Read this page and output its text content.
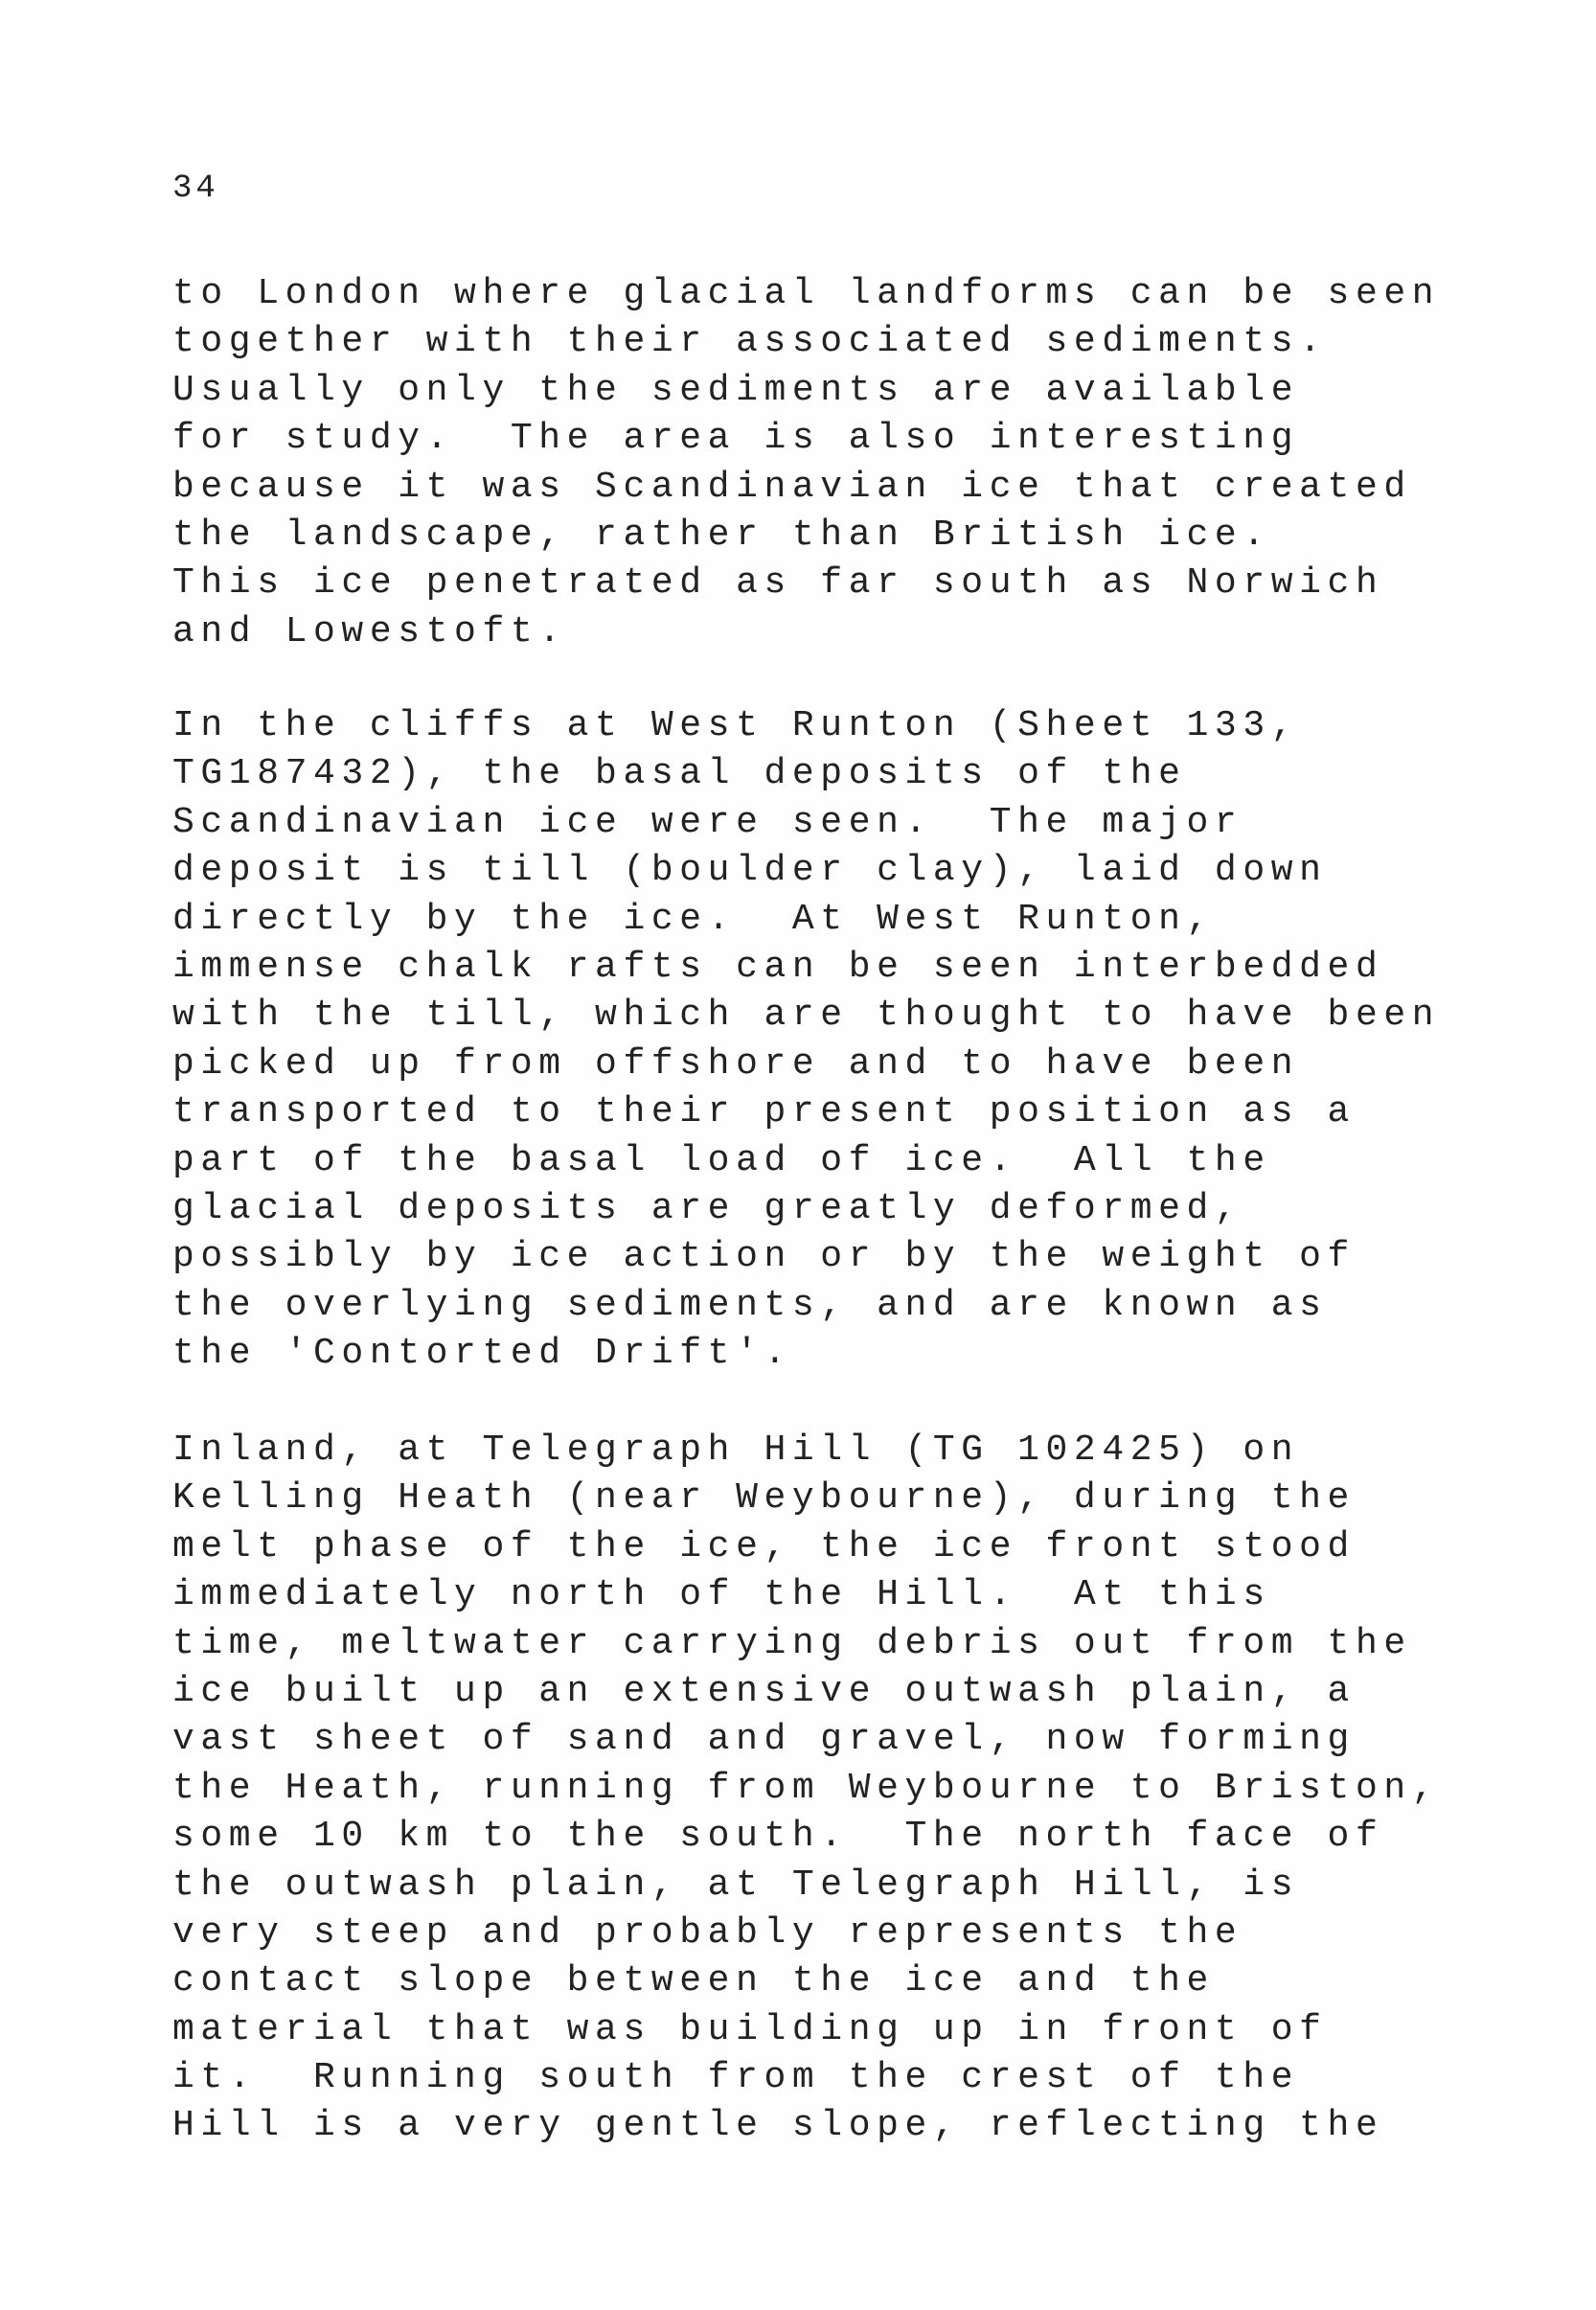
34
to London where glacial landforms can be seen
together with their associated sediments.
Usually only the sediments are available
for study.  The area is also interesting
because it was Scandinavian ice that created
the landscape, rather than British ice.
This ice penetrated as far south as Norwich
and Lowestoft.
In the cliffs at West Runton (Sheet 133,
TG187432), the basal deposits of the
Scandinavian ice were seen.  The major
deposit is till (boulder clay), laid down
directly by the ice.  At West Runton,
immense chalk rafts can be seen interbedded
with the till, which are thought to have been
picked up from offshore and to have been
transported to their present position as a
part of the basal load of ice.  All the
glacial deposits are greatly deformed,
possibly by ice action or by the weight of
the overlying sediments, and are known as
the 'Contorted Drift'.
Inland, at Telegraph Hill (TG 102425) on
Kelling Heath (near Weybourne), during the
melt phase of the ice, the ice front stood
immediately north of the Hill.  At this
time, meltwater carrying debris out from the
ice built up an extensive outwash plain, a
vast sheet of sand and gravel, now forming
the Heath, running from Weybourne to Briston,
some 10 km to the south.  The north face of
the outwash plain, at Telegraph Hill, is
very steep and probably represents the
contact slope between the ice and the
material that was building up in front of
it.  Running south from the crest of the
Hill is a very gentle slope, reflecting the
